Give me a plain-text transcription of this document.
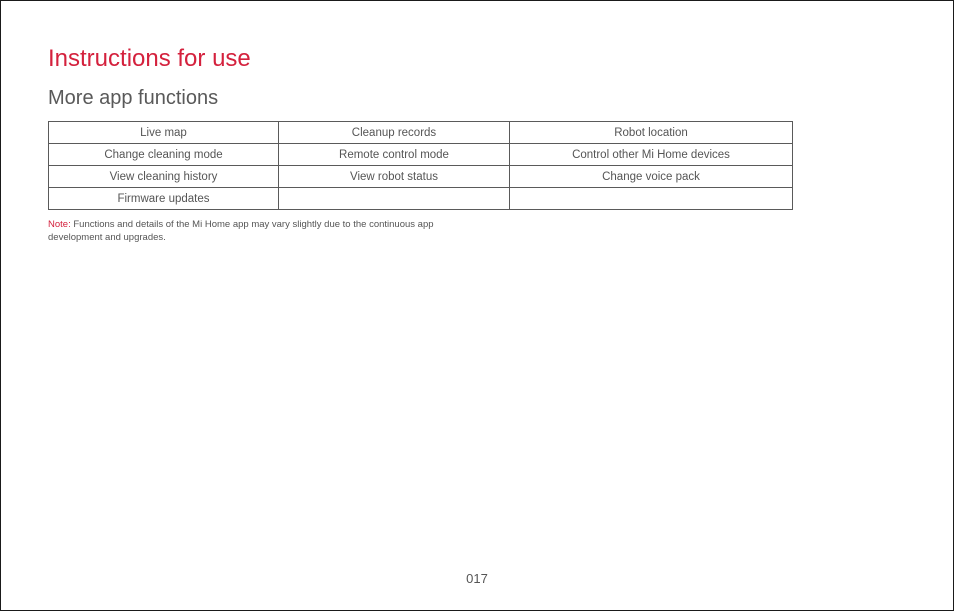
Instructions for use
More app functions
Live map	Cleanup records	Robot location
Change cleaning mode	Remote control mode	Control other Mi Home devices
View cleaning history	View robot status	Change voice pack
Firmware updates		

Note: Functions and details of the Mi Home app may vary slightly due to the continuous app development and upgrades.

017
